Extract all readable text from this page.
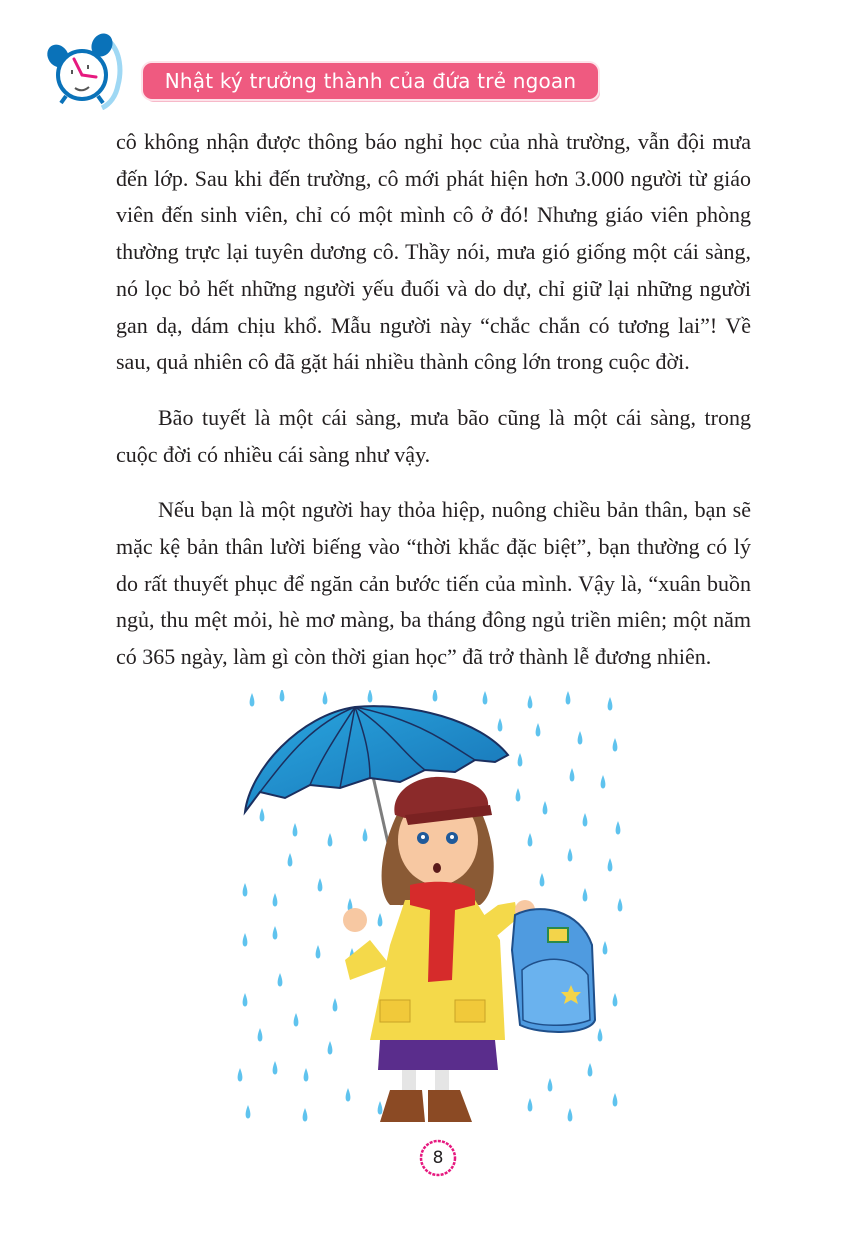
Nhật ký trưởng thành của đứa trẻ ngoan

cô không nhận được thông báo nghỉ học của nhà trường, vẫn đội mưa đến lớp. Sau khi đến trường, cô mới phát hiện hơn 3.000 người từ giáo viên đến sinh viên, chỉ có một mình cô ở đó! Nhưng giáo viên phòng thường trực lại tuyên dương cô. Thầy nói, mưa gió giống một cái sàng, nó lọc bỏ hết những người yếu đuối và do dự, chỉ giữ lại những người gan dạ, dám chịu khổ. Mẫu người này “chắc chắn có tương lai”! Về sau, quả nhiên cô đã gặt hái nhiều thành công lớn trong cuộc đời.

Bão tuyết là một cái sàng, mưa bão cũng là một cái sàng, trong cuộc đời có nhiều cái sàng như vậy.

Nếu bạn là một người hay thỏa hiệp, nuông chiều bản thân, bạn sẽ mặc kệ bản thân lười biếng vào “thời khắc đặc biệt”, bạn thường có lý do rất thuyết phục để ngăn cản bước tiến của mình. Vậy là, “xuân buồn ngủ, thu mệt mỏi, hè mơ màng, ba tháng đông ngủ triền miên; một năm có 365 ngày, làm gì còn thời gian học” đã trở thành lễ đương nhiên.

8
